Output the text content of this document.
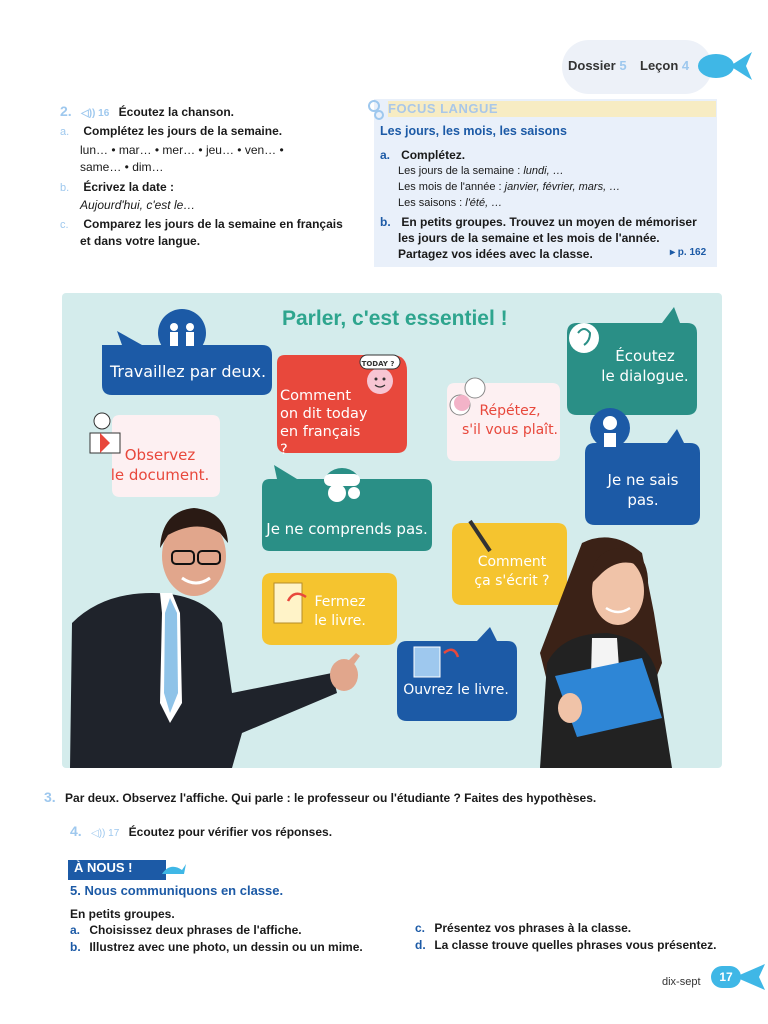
Dossier 5 Leçon 4
2. ◁)) 16 Écoutez la chanson.
a. Complétez les jours de la semaine.
lun… • mar… • mer… • jeu… • ven… •
same… • dim…
b. Écrivez la date :
Aujourd'hui, c'est le…
c. Comparez les jours de la semaine en français
et dans votre langue.
FOCUS LANGUE
Les jours, les mois, les saisons
a. Complétez.
Les jours de la semaine : lundi, …
Les mois de l'année : janvier, février, mars, …
Les saisons : l'été, …
b. En petits groupes. Trouvez un moyen de mémoriser
les jours de la semaine et les mois de l'année.
Partagez vos idées avec la classe.	▸ p. 162
Parler, c'est essentiel !
Travaillez par deux.	TODAY ?
Comment
on dit today
en français ?
Répétez,
s'il vous plaît.
Écoutez
le dialogue.
Observez
le document.
Je ne comprends pas.
Je ne sais
pas.
Comment
ça s'écrit ?
Fermez
le livre.
Ouvrez le livre.
3. Par deux. Observez l'affiche. Qui parle : le professeur ou l'étudiante ? Faites des hypothèses.
4. ◁)) 17 Écoutez pour vérifier vos réponses.
À NOUS !
5. Nous communiquons en classe.
En petits groupes.
a. Choisissez deux phrases de l'affiche.
b. Illustrez avec une photo, un dessin ou un mime.
c. Présentez vos phrases à la classe.
d. La classe trouve quelles phrases vous présentez.
dix-sept	17
